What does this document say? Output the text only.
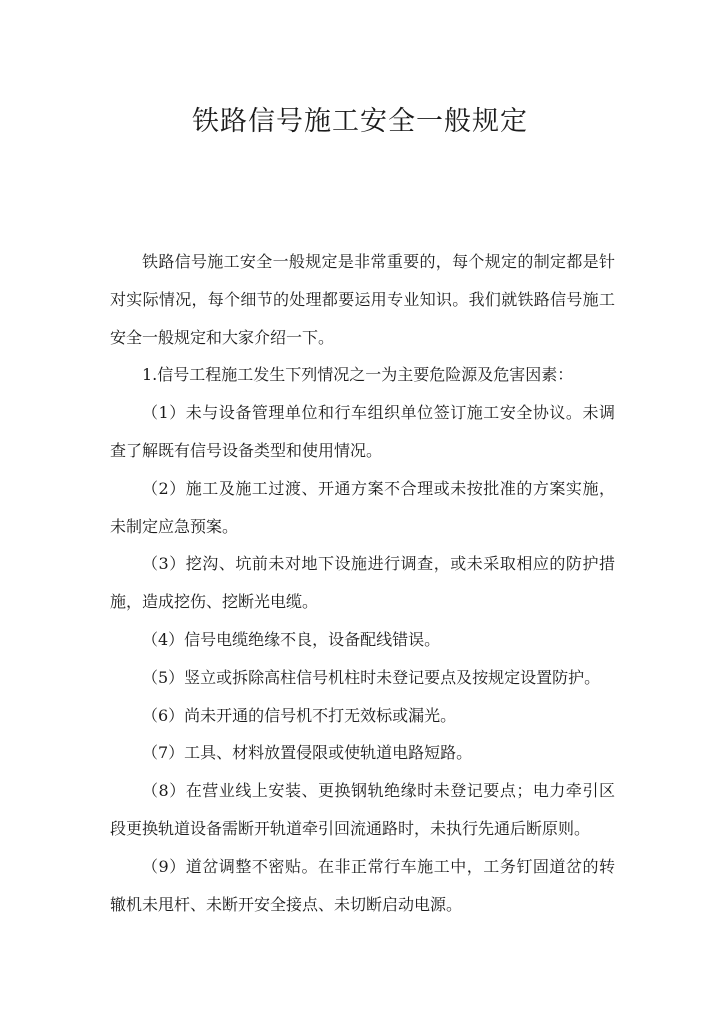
铁路信号施工安全一般规定

铁路信号施工安全一般规定是非常重要的，每个规定的制定都是针对实际情况，每个细节的处理都要运用专业知识。我们就铁路信号施工安全一般规定和大家介绍一下。

1.信号工程施工发生下列情况之一为主要危险源及危害因素：

（1）未与设备管理单位和行车组织单位签订施工安全协议。未调查了解既有信号设备类型和使用情况。

（2）施工及施工过渡、开通方案不合理或未按批准的方案实施，未制定应急预案。

（3）挖沟、坑前未对地下设施进行调查，或未采取相应的防护措施，造成挖伤、挖断光电缆。

（4）信号电缆绝缘不良，设备配线错误。

（5）竖立或拆除高柱信号机柱时未登记要点及按规定设置防护。

（6）尚未开通的信号机不打无效标或漏光。

（7）工具、材料放置侵限或使轨道电路短路。

（8）在营业线上安装、更换钢轨绝缘时未登记要点；电力牵引区段更换轨道设备需断开轨道牵引回流通路时，未执行先通后断原则。

（9）道岔调整不密贴。在非正常行车施工中，工务钉固道岔的转辙机未甩杆、未断开安全接点、未切断启动电源。
